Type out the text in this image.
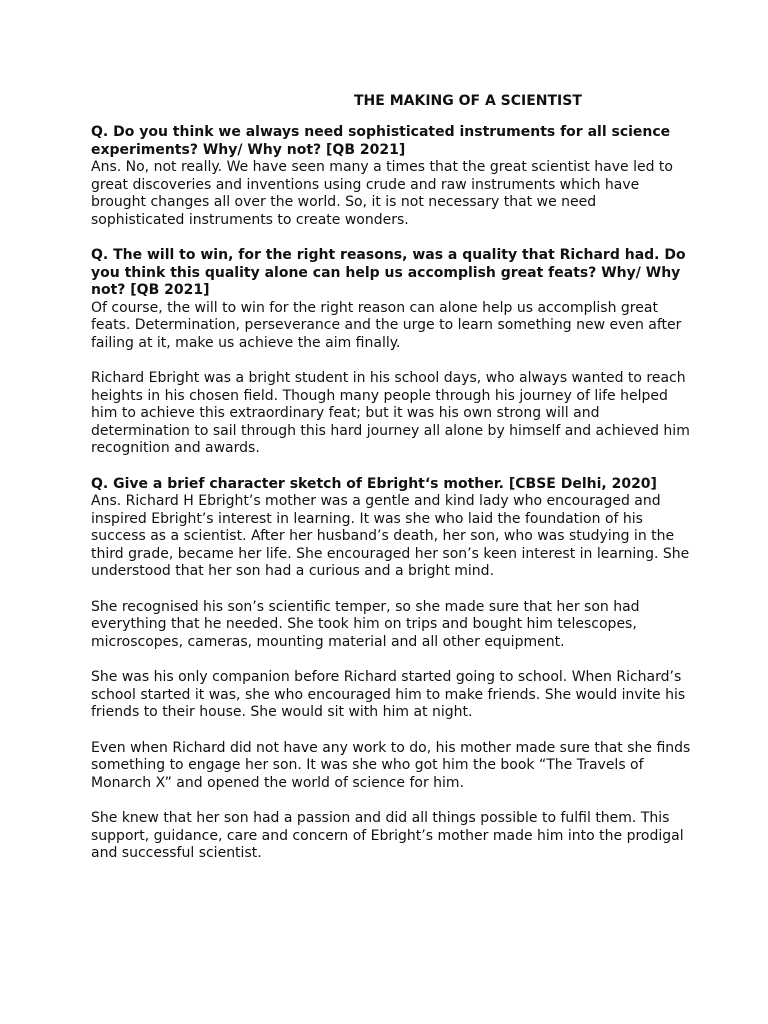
THE MAKING OF A SCIENTIST

Q. Do you think we always need sophisticated instruments for all science experiments? Why/ Why not? [QB 2021]

Ans. No, not really. We have seen many a times that the great scientist have led to great discoveries and inventions using crude and raw instruments which have brought changes all over the world. So, it is not necessary that we need sophisticated instruments to create wonders.

Q. The will to win, for the right reasons, was a quality that Richard had. Do you think this quality alone can help us accomplish great feats? Why/ Why not? [QB 2021]

Of course, the will to win for the right reason can alone help us accomplish great feats. Determination, perseverance and the urge to learn something new even after failing at it, make us achieve the aim finally.

Richard Ebright was a bright student in his school days, who always wanted to reach heights in his chosen field. Though many people through his journey of life helped him to achieve this extraordinary feat; but it was his own strong will and determination to sail through this hard journey all alone by himself and achieved him recognition and awards.

Q. Give a brief character sketch of Ebright‘s mother. [CBSE Delhi, 2020]

Ans. Richard H Ebright’s mother was a gentle and kind lady who encouraged and inspired Ebright’s interest in learning. It was she who laid the foundation of his success as a scientist. After her husband’s death, her son, who was studying in the third grade, became her life. She encouraged her son’s keen interest in learning. She understood that her son had a curious and a bright mind.

She recognised his son’s scientific temper, so she made sure that her son had everything that he needed. She took him on trips and bought him telescopes, microscopes, cameras, mounting material and all other equipment.

She was his only companion before Richard started going to school. When Richard’s school started it was, she who encouraged him to make friends. She would invite his friends to their house. She would sit with him at night.

Even when Richard did not have any work to do, his mother made sure that she finds something to engage her son. It was she who got him the book “The Travels of Monarch X” and opened the world of science for him.

She knew that her son had a passion and did all things possible to fulfil them. This support, guidance, care and concern of Ebright’s mother made him into the prodigal and successful scientist.
